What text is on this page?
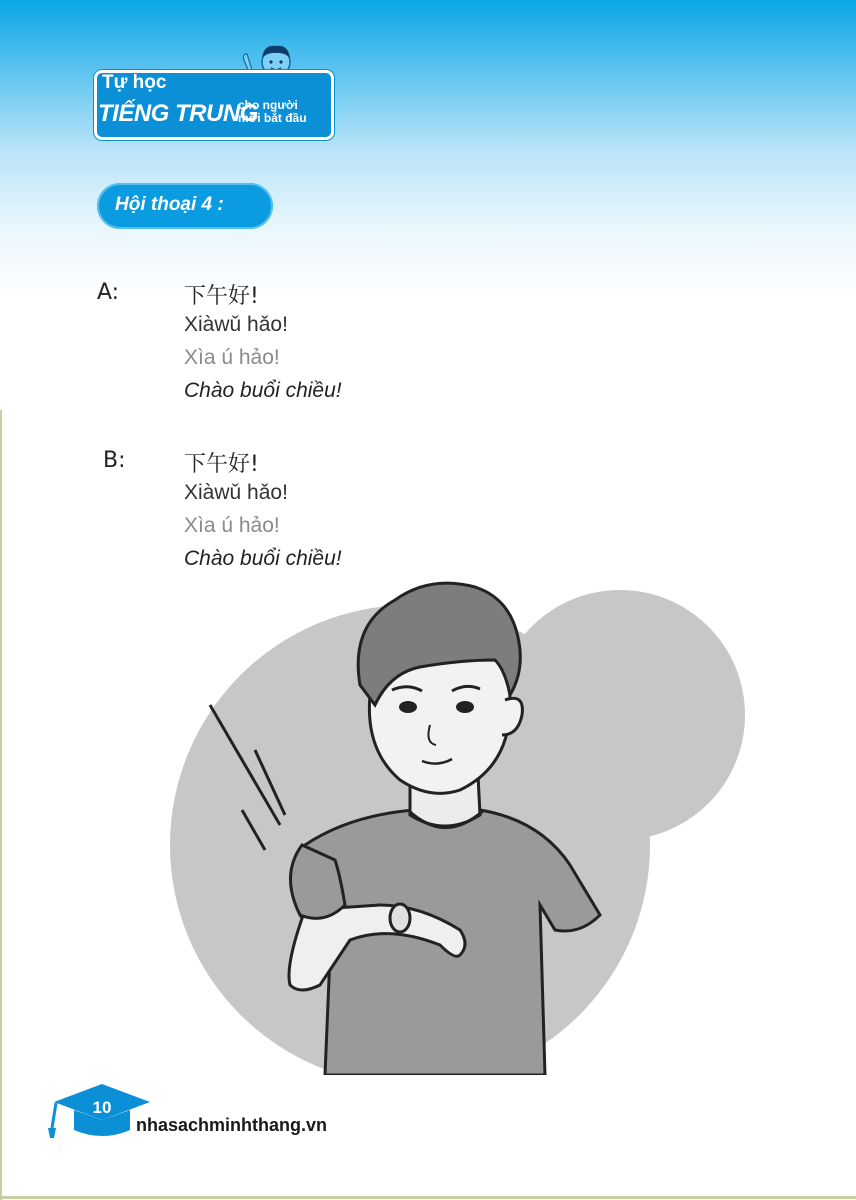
Tự học
TIẾNG TRUNG
cho người
mới bắt đầu
Hội thoại 4 :
A:	下午好!
Xiàwǔ hǎo!
Xìa ú hảo!
Chào buổi chiều!
B:	下午好!
Xiàwǔ hǎo!
Xìa ú hảo!
Chào buổi chiều!
10
nhasachminhthang.vn
